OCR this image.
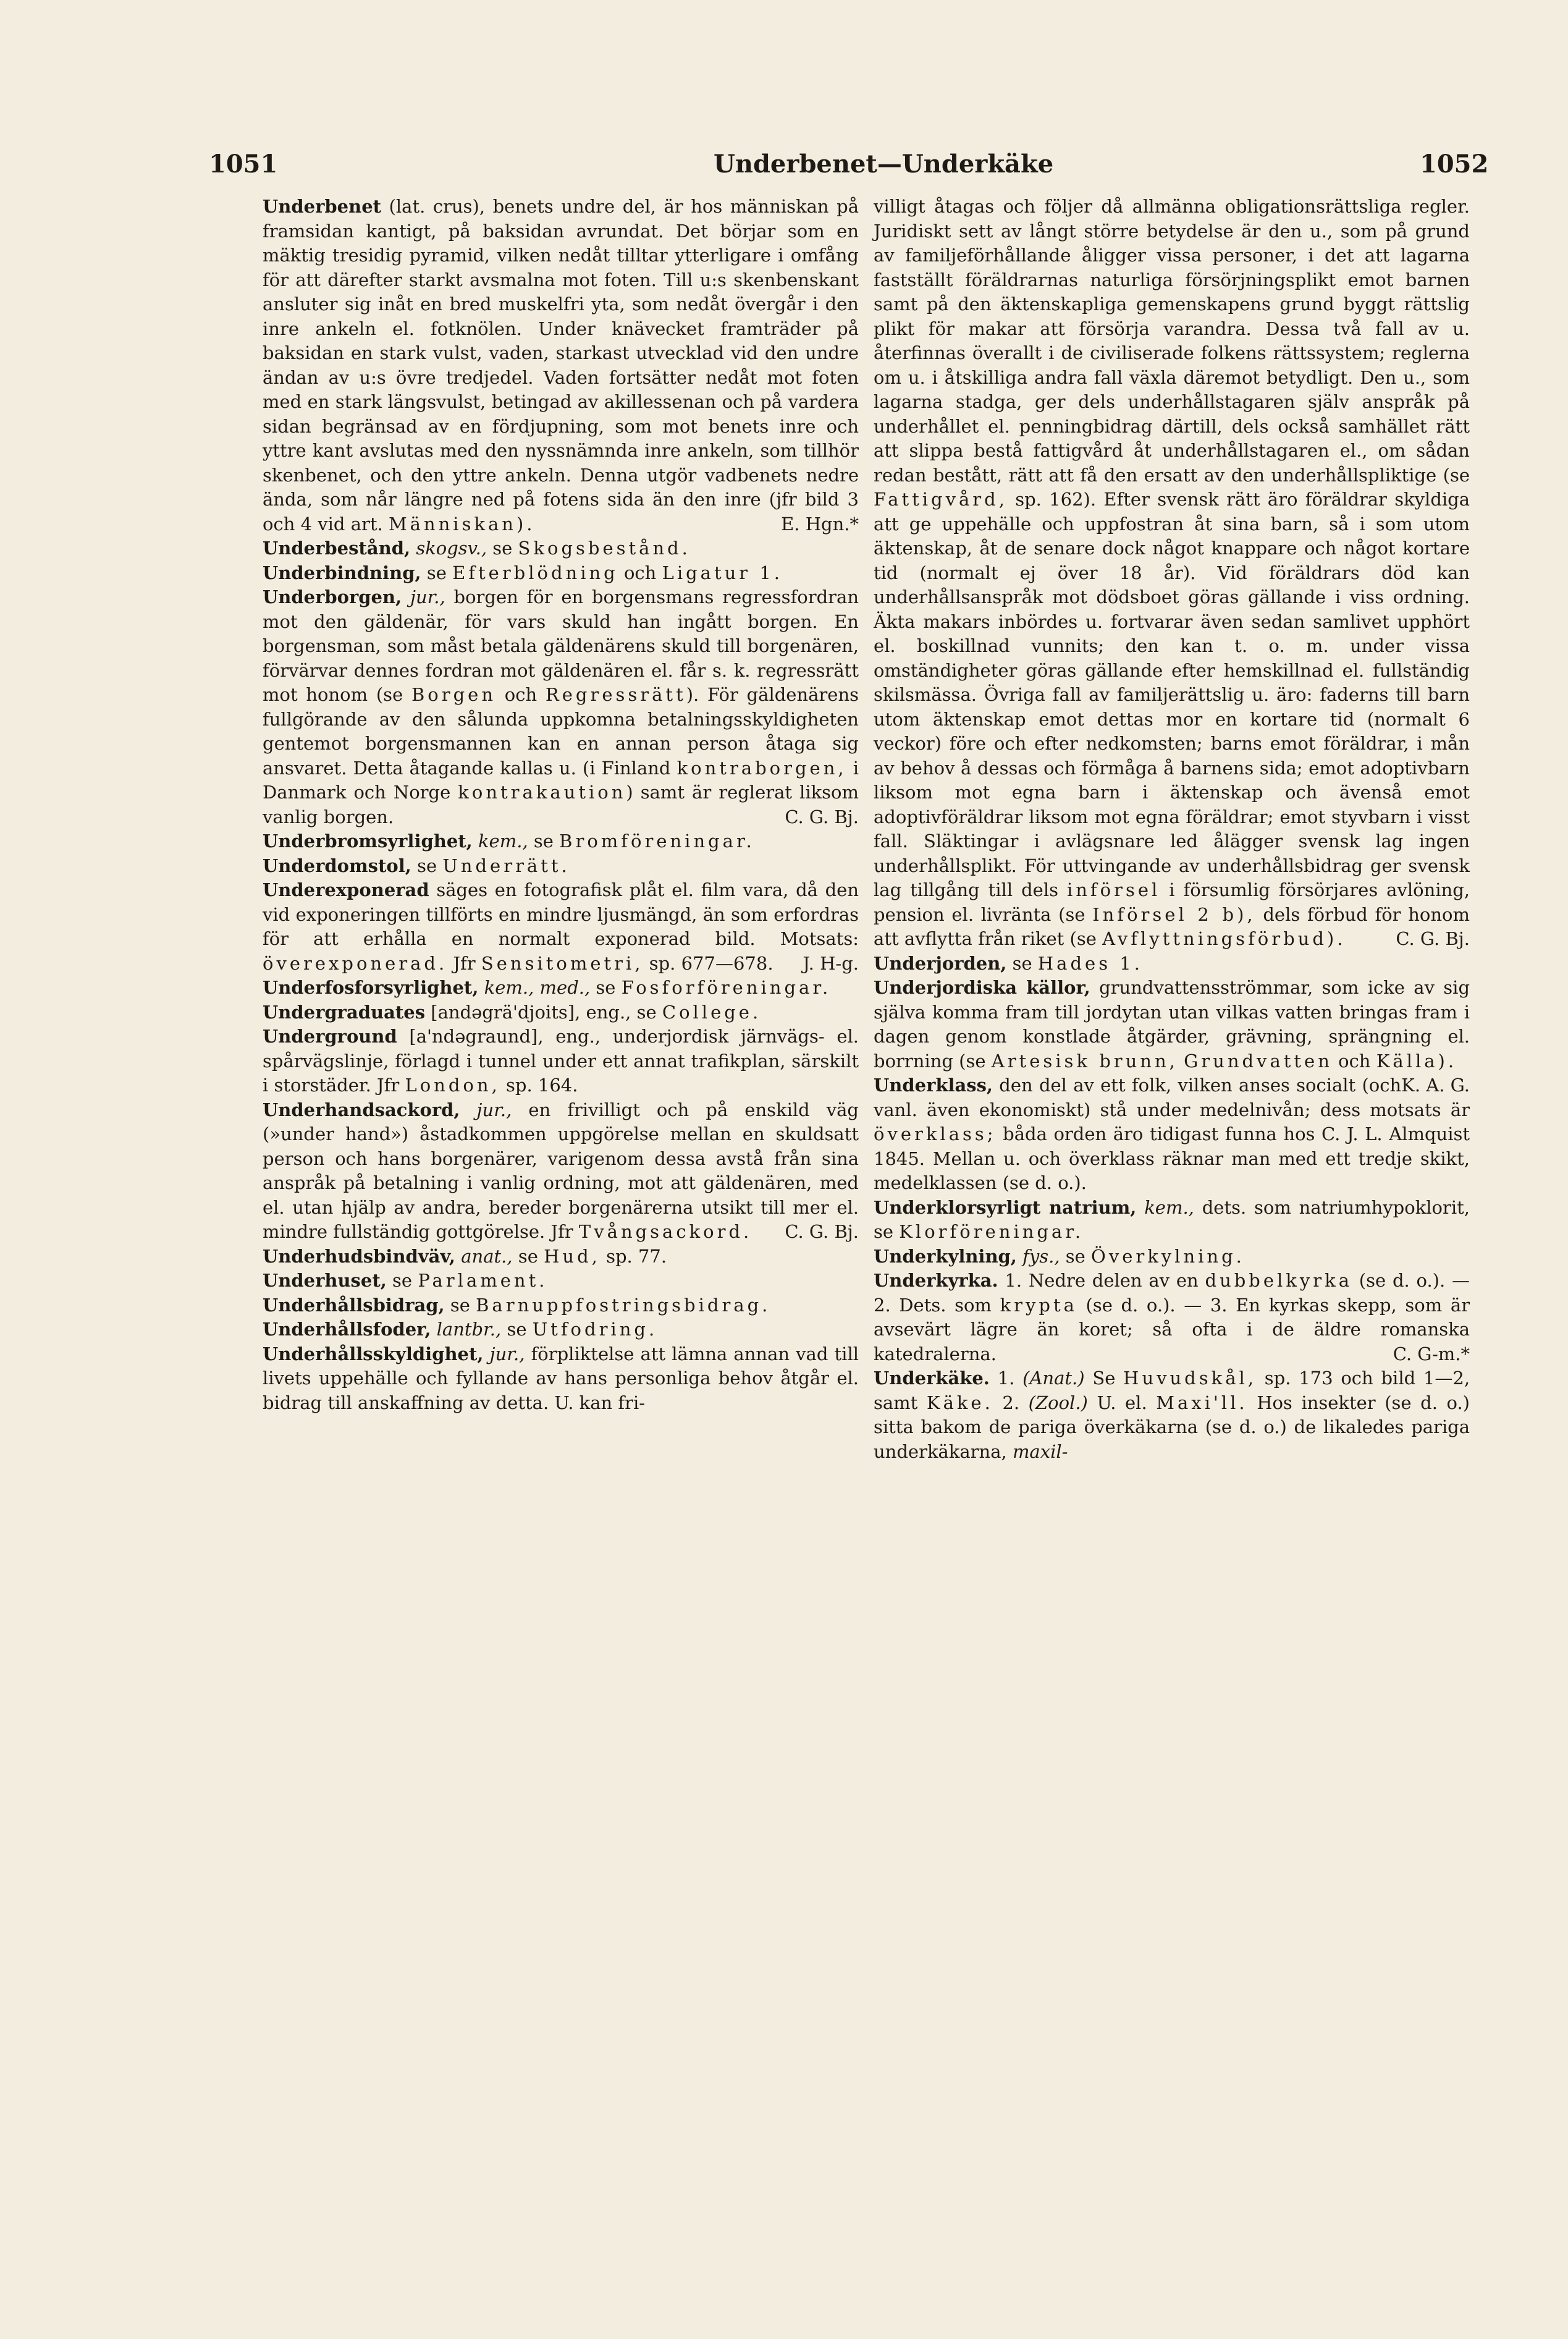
1051	Underbenet—Underkäke	1052

Underbenet (lat. crus), benets undre del, är hos människan på framsidan kantigt, på baksidan avrundat. Det börjar som en mäktig tresidig pyramid, vilken nedåt tilltar ytterligare i omfång för att därefter starkt avsmalna mot foten. Till u:s skenbenskant ansluter sig inåt en bred muskelfri yta, som nedåt övergår i den inre ankeln el. fotknölen. Under knävecket framträder på baksidan en stark vulst, vaden, starkast utvecklad vid den undre ändan av u:s övre tredjedel. Vaden fortsätter nedåt mot foten med en stark längsvulst, betingad av akillessenan och på vardera sidan begränsad av en fördjupning, som mot benets inre och yttre kant avslutas med den nyssnämnda inre ankeln, som tillhör skenbenet, och den yttre ankeln. Denna utgör vadbenets nedre ända, som når längre ned på fotens sida än den inre (jfr bild 3 och 4 vid art. Människan).	E. Hgn.*

Underbestånd, skogsv., se Skogsbestånd.

Underbindning, se Efterblödning och Ligatur 1.

Underborgen, jur., borgen för en borgensmans regressfordran mot den gäldenär, för vars skuld han ingått borgen. En borgensman, som måst betala gäldenärens skuld till borgenären, förvärvar dennes fordran mot gäldenären el. får s. k. regressrätt mot honom (se Borgen och Regressrätt). För gäldenärens fullgörande av den sålunda uppkomna betalningsskyldigheten gentemot borgensmannen kan en annan person åtaga sig ansvaret. Detta åtagande kallas u. (i Finland kontraborgen, i Danmark och Norge kontrakaution) samt är reglerat liksom vanlig borgen.	C. G. Bj.

Underbromsyrlighet, kem., se Bromföreningar.

Underdomstol, se Underrätt.

Underexponerad säges en fotografisk plåt el. film vara, då den vid exponeringen tillförts en mindre ljusmängd, än som erfordras för att erhålla en normalt exponerad bild. Motsats: överexponerad. Jfr Sensitometri, sp. 677—678. J. H-g.

Underfosforsyrlighet, kem., med., se Fosforföreningar.

Undergraduates [andəgrä'djoits], eng., se College.

Underground [a'ndəgraund], eng., underjordisk järnvägs- el. spårvägslinje, förlagd i tunnel under ett annat trafikplan, särskilt i storstäder. Jfr London, sp. 164.

Underhandsackord, jur., en frivilligt och på enskild väg (»under hand») åstadkommen uppgörelse mellan en skuldsatt person och hans borgenärer, varigenom dessa avstå från sina anspråk på betalning i vanlig ordning, mot att gäldenären, med el. utan hjälp av andra, bereder borgenärerna utsikt till mer el. mindre fullständig gottgörelse. Jfr Tvångsackord. C. G. Bj.

Underhudsbindväv, anat., se Hud, sp. 77.

Underhuset, se Parlament.

Underhållsbidrag, se Barnuppfostringsbidrag.

Underhållsfoder, lantbr., se Utfodring.

Underhållsskyldighet, jur., förpliktelse att lämna annan vad till livets uppehälle och fyllande av hans personliga behov åtgår el. bidrag till anskaffning av detta. U. kan fri-

villigt åtagas och följer då allmänna obligationsrättsliga regler. Juridiskt sett av långt större betydelse är den u., som på grund av familjeförhållande åligger vissa personer, i det att lagarna fastställt föräldrarnas naturliga försörjningsplikt emot barnen samt på den äktenskapliga gemenskapens grund byggt rättslig plikt för makar att försörja varandra. Dessa två fall av u. återfinnas överallt i de civiliserade folkens rättssystem; reglerna om u. i åtskilliga andra fall växla däremot betydligt. Den u., som lagarna stadga, ger dels underhållstagaren själv anspråk på underhållet el. penningbidrag därtill, dels också samhället rätt att slippa bestå fattigvård åt underhållstagaren el., om sådan redan bestått, rätt att få den ersatt av den underhållspliktige (se Fattigvård, sp. 162). Efter svensk rätt äro föräldrar skyldiga att ge uppehälle och uppfostran åt sina barn, så i som utom äktenskap, åt de senare dock något knappare och något kortare tid (normalt ej över 18 år). Vid föräldrars död kan underhållsanspråk mot dödsboet göras gällande i viss ordning. Äkta makars inbördes u. fortvarar även sedan samlivet upphört el. boskillnad vunnits; den kan t. o. m. under vissa omständigheter göras gällande efter hemskillnad el. fullständig skilsmässa. Övriga fall av familjerättslig u. äro: faderns till barn utom äktenskap emot dettas mor en kortare tid (normalt 6 veckor) före och efter nedkomsten; barns emot föräldrar, i mån av behov å dessas och förmåga å barnens sida; emot adoptivbarn liksom mot egna barn i äktenskap och ävenså emot adoptivföräldrar liksom mot egna föräldrar; emot styvbarn i visst fall. Släktingar i avlägsnare led ålägger svensk lag ingen underhållsplikt. För uttvingande av underhållsbidrag ger svensk lag tillgång till dels införsel i försumlig försörjares avlöning, pension el. livränta (se Införsel 2 b), dels förbud för honom att avflytta från riket (se Avflyttningsförbud).	C. G. Bj.

Underjorden, se Hades 1.

Underjordiska källor, grundvattensströmmar, som icke av sig själva komma fram till jordytan utan vilkas vatten bringas fram i dagen genom konstlade åtgärder, grävning, sprängning el. borrning (se Artesisk brunn, Grundvatten och Källa).
K. A. G.

Underklass, den del av ett folk, vilken anses socialt (och vanl. även ekonomiskt) stå under medelnivån; dess motsats är överklass; båda orden äro tidigast funna hos C. J. L. Almquist 1845. Mellan u. och överklass räknar man med ett tredje skikt, medelklassen (se d. o.).

Underklorsyrligt natrium, kem., dets. som natriumhypoklorit, se Klorföreningar.

Underkylning, fys., se Överkylning.

Underkyrka. 1. Nedre delen av en dubbelkyrka (se d. o.). — 2. Dets. som krypta (se d. o.). — 3. En kyrkas skepp, som är avsevärt lägre än koret; så ofta i de äldre romanska katedralerna.	C. G-m.*

Underkäke. 1. (Anat.) Se Huvudskål, sp. 173 och bild 1—2, samt Käke. 2. (Zool.) U. el. Maxi'll. Hos insekter (se d. o.) sitta bakom de pariga överkäkarna (se d. o.) de likaledes pariga underkäkarna, maxil-
